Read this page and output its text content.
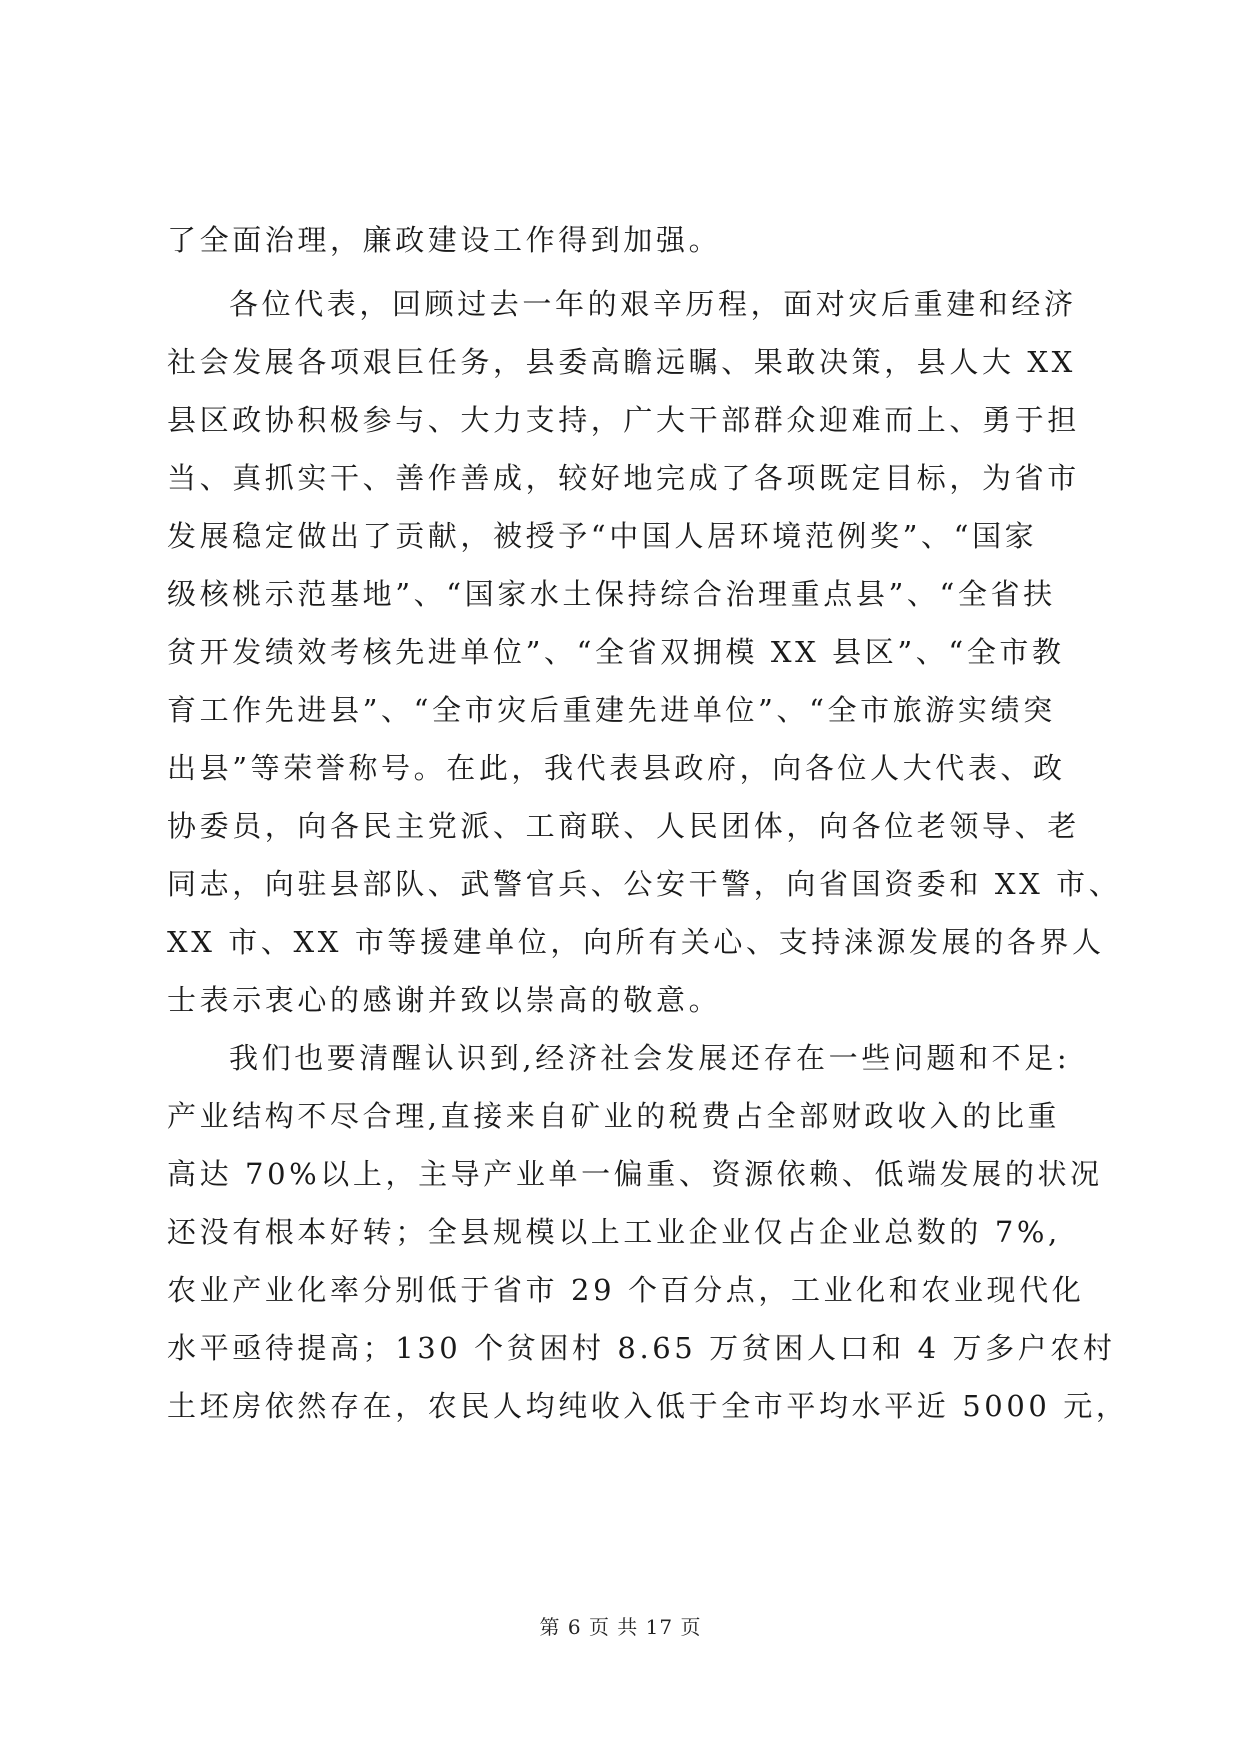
了全面治理，廉政建设工作得到加强。
各位代表，回顾过去一年的艰辛历程，面对灾后重建和经济
社会发展各项艰巨任务，县委高瞻远瞩、果敢决策，县人大 XX
县区政协积极参与、大力支持，广大干部群众迎难而上、勇于担
当、真抓实干、善作善成，较好地完成了各项既定目标，为省市
发展稳定做出了贡献，被授予“中国人居环境范例奖”、“国家
级核桃示范基地”、“国家水土保持综合治理重点县”、“全省扶
贫开发绩效考核先进单位”、“全省双拥模 XX 县区”、“全市教
育工作先进县”、“全市灾后重建先进单位”、“全市旅游实绩突
出县”等荣誉称号。在此，我代表县政府，向各位人大代表、政
协委员，向各民主党派、工商联、人民团体，向各位老领导、老
同志，向驻县部队、武警官兵、公安干警，向省国资委和 XX 市、
XX 市、XX 市等援建单位，向所有关心、支持涞源发展的各界人
士表示衷心的感谢并致以崇高的敬意。
我们也要清醒认识到,经济社会发展还存在一些问题和不足:
产业结构不尽合理,直接来自矿业的税费占全部财政收入的比重
高达 70%以上，主导产业单一偏重、资源依赖、低端发展的状况
还没有根本好转；全县规模以上工业企业仅占企业总数的 7%,
农业产业化率分别低于省市 29 个百分点，工业化和农业现代化
水平亟待提高；130 个贫困村 8.65 万贫困人口和 4 万多户农村
土坯房依然存在，农民人均纯收入低于全市平均水平近 5000 元，
第 6 页 共 17 页
